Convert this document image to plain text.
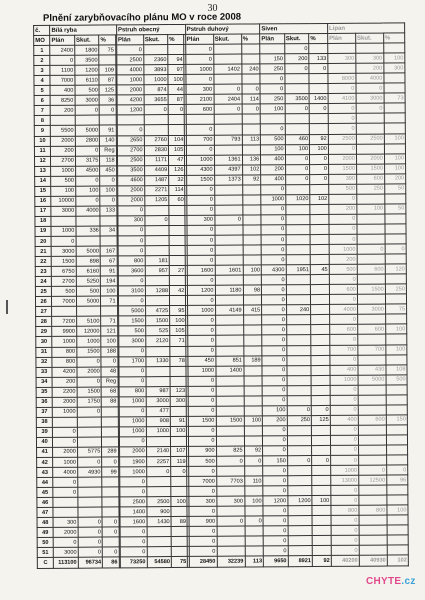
30
Plnění zarybňovacího plánu MO v roce 2008
č.	Bílá ryba			Pstruh obecný				Pstruh duhový			Siven			Lipan		
MO	Plán	Skut.	%		Plán	Skut.	%		Plán	Skut.	%	Plán	Skut.	%	Plán	Skut.	%
1	2400	1800	75		0				0				0				
2	0	3500			2500	2360	94		0			150	200	133	300	300	100
3	1100	1200	109		4000	3893	97		1000	1402	240	250	0	0		200	300
4	7000	6110	87		1000	1000	100		0			0			8000	4000	
5	400	500	125		2000	874	44		300	0	0	0			0	0	
6	8250	3000	36		4200	3655	87		2100	2404	114	250	3500	1400	4100	3000	73
7	200	0	0		1200	0	0		600	0	0	100	0	0	0	0	
8															0		
9	5500	5000	91		0				0			0			0		
10	2000	2800	140		2650	2760	104		700	793	113	500	460	92	2500	2500	100
11	200	0	Reg		2700	2830	105		0			100	100	100	0		
12	2700	3175	118		2500	1171	47		1000	1361	136	400	0	0	2000	2000	100
13	1000	4500	450		3500	4409	126		4300	4397	102	200	0	0	1500	1500	100
14	500	0	0		4600	1487	32		1500	1373	92	400	0	0	390	600	200
15	100	100	100		2000	2271	114		0			0			500	250	50
16	10000	0	0		2000	1205	60		0			1000	1020	102	0		
17	3000	4000	133		0				0			0			200	100	50
18					300	0			300	0		0			0		
19	1000	336	34		0				0			0			0		
20	0				0				0			0			0		
21	3000	5000	167		0				0			0			1000	0	0
22	1500	898	67		800	181			0			0			200		
23	6750	6160	91		3600	957	27		1600	1601	100	4300	1951	45	500	600	120
24	2700	5250	194		0				0			0			0		
25	500	500	100		3100	1288	42		1200	1180	98	0			600	1500	250
26	7000	5000	71		0				0			0			0		
27					5000	4725	95		1000	4149	415	0	240		4000	3000	75
28	7200	5100	71		1500	1500	100		0			0			0		
29	9900	12000	121		500	525	105		0			0			600	600	100
30	1000	1000	100		3000	2120	71		0			0			0		
31	800	1500	188		0				0			0			700	700	100
32	800	0	0		1700	1330	78		450	851	189	0			0		
33	4200	2000	48		0				1000	1400		0			400	430	108
34	200	0	Reg		0				0			0			1000	5000	500
35	2200	1500	68		800	987	123		0			0			0		
36	2000	1750	88		1000	3000	300		0			0			0		
37	1000	0			0	477			0			100	0	0	0		
38					1000	908	91		1500	1500	100	200	250	125	400	600	150
39	0				1000	1000	100		0			0			0		
40	0				0				0			0			0		
41	2000	5775	289		2000	2140	107		900	825	92	0			0		
42	1000	0	0		1900	2257	119		500	0	0	150	0	0	0		
43	4000	4930	99		1000	0	0		0			0			1000	0	0
44	0				0				7000	7703	110	0			13000	12500	96
45	0				0				0			0			0		
46					2500	2500	100		300	300	100	1200	1200	100	0		
47					1400	900			0			0			800	800	100
48	300	0	0		1600	1430	89		900	0	0	0			0		
49	2000	0	0		0				0			0			0		
50	0	0			0				0			0			0		
51	3000	0	0		0				0			0			0		
C	113100	96734	86		73250	54580	75		28450	32239	113	9650	8921	92	40200	40930	102
CHYTE.cz
